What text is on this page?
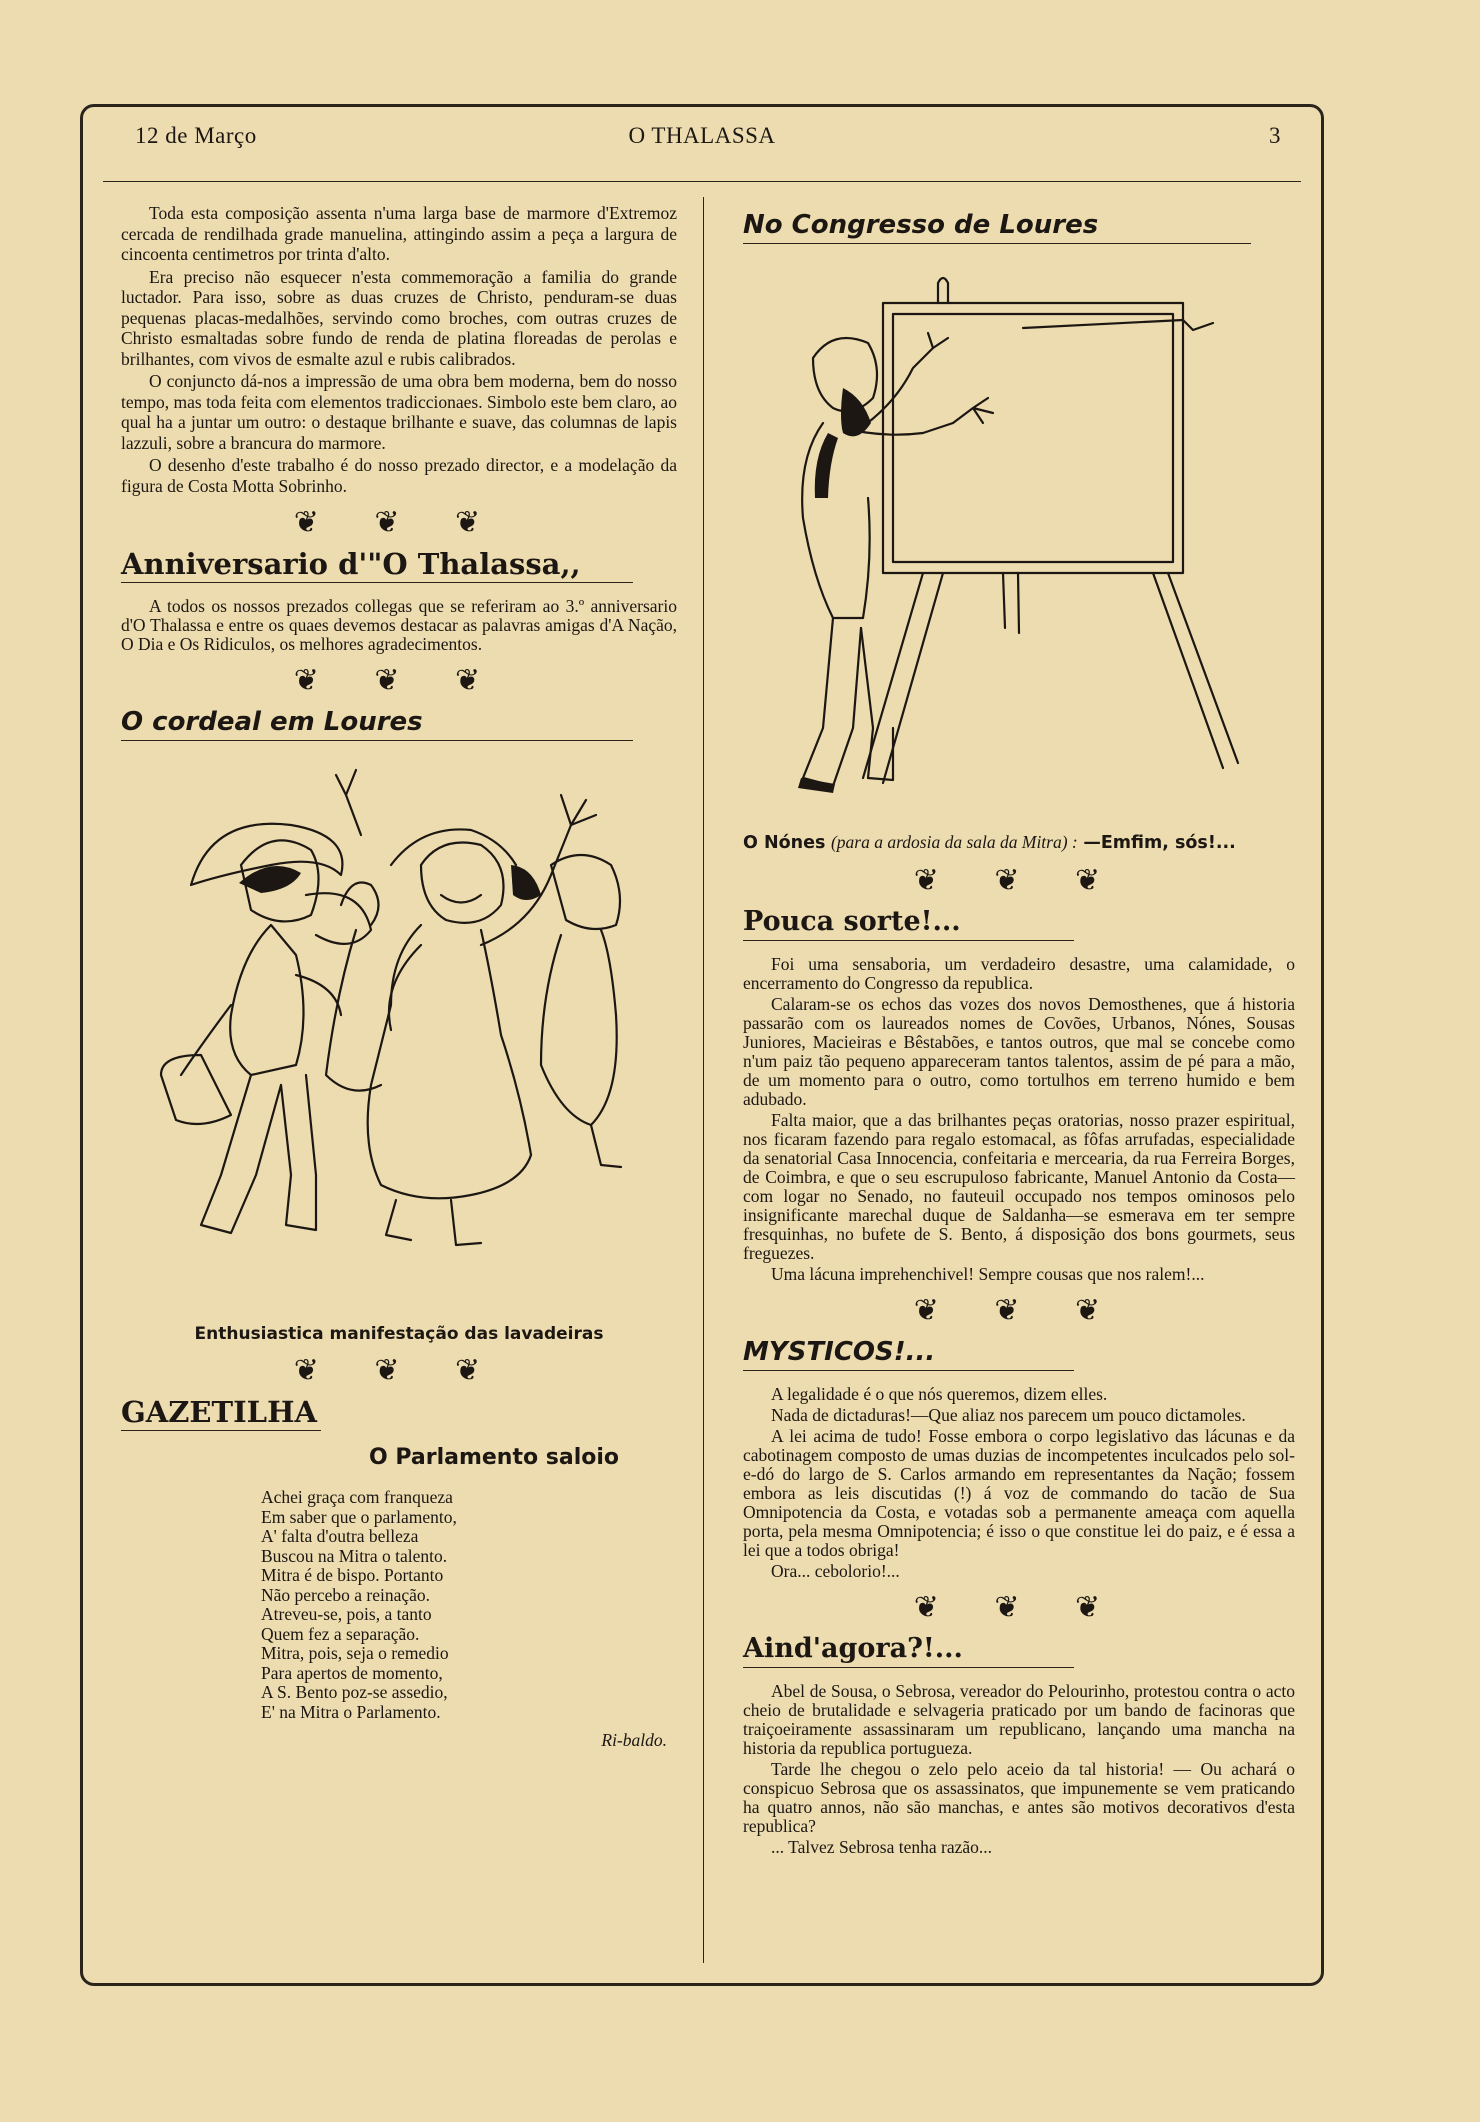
12 de Março	O THALASSA	3

Toda esta composição assenta n'uma larga base de marmore d'Extremoz cercada de rendilhada grade manuelina, attingindo assim a peça a largura de cincoenta centimetros por trinta d'alto.

Era preciso não esquecer n'esta commemoração a familia do grande luctador. Para isso, sobre as duas cruzes de Christo, penduram-se duas pequenas placas-medalhões, servindo como broches, com outras cruzes de Christo esmaltadas sobre fundo de renda de platina floreadas de perolas e brilhantes, com vivos de esmalte azul e rubis calibrados.

O conjuncto dá-nos a impressão de uma obra bem moderna, bem do nosso tempo, mas toda feita com elementos tradiccionaes. Simbolo este bem claro, ao qual ha a juntar um outro: o destaque brilhante e suave, das columnas de lapis lazzuli, sobre a brancura do marmore.

O desenho d'este trabalho é do nosso prezado director, e a modelação da figura de Costa Motta Sobrinho.

❦ ❦ ❦
Anniversario d'"O Thalassa,,

A todos os nossos prezados collegas que se referiram ao 3.º anniversario d'O Thalassa e entre os quaes devemos destacar as palavras amigas d'A Nação, O Dia e Os Ridiculos, os melhores agradecimentos.

❦ ❦ ❦
O cordeal em Loures
Enthusiastica manifestação das lavadeiras
❦ ❦ ❦
GAZETILHA
O Parlamento saloio
Achei graça com franqueza
Em saber que o parlamento,
A' falta d'outra belleza
Buscou na Mitra o talento.
Mitra é de bispo. Portanto
Não percebo a reinação.
Atreveu-se, pois, a tanto
Quem fez a separação.
Mitra, pois, seja o remedio
Para apertos de momento,
A S. Bento poz-se assedio,
E' na Mitra o Parlamento.
Ri-baldo.
No Congresso de Loures
O Nónes (para a ardosia da sala da Mitra) : —Emfim, sós!...
❦ ❦ ❦
Pouca sorte!...

Foi uma sensaboria, um verdadeiro desastre, uma calamidade, o encerramento do Congresso da republica.

Calaram-se os echos das vozes dos novos Demosthenes, que á historia passarão com os laureados nomes de Covões, Urbanos, Nónes, Sousas Juniores, Macieiras e Bêstabões, e tantos outros, que mal se concebe como n'um paiz tão pequeno appareceram tantos talentos, assim de pé para a mão, de um momento para o outro, como tortulhos em terreno humido e bem adubado.

Falta maior, que a das brilhantes peças oratorias, nosso prazer espiritual, nos ficaram fazendo para regalo estomacal, as fôfas arrufadas, especialidade da senatorial Casa Innocencia, confeitaria e mercearia, da rua Ferreira Borges, de Coimbra, e que o seu escrupuloso fabricante, Manuel Antonio da Costa—com logar no Senado, no fauteuil occupado nos tempos ominosos pelo insignificante marechal duque de Saldanha—se esmerava em ter sempre fresquinhas, no bufete de S. Bento, á disposição dos bons gourmets, seus freguezes.

Uma lácuna imprehenchivel! Sempre cousas que nos ralem!...

❦ ❦ ❦
MYSTICOS!...

A legalidade é o que nós queremos, dizem elles.

Nada de dictaduras!—Que aliaz nos parecem um pouco dictamoles.

A lei acima de tudo! Fosse embora o corpo legislativo das lácunas e da cabotinagem composto de umas duzias de incompetentes inculcados pelo sol-e-dó do largo de S. Carlos armando em representantes da Nação; fossem embora as leis discutidas (!) á voz de commando do tacão de Sua Omnipotencia da Costa, e votadas sob a permanente ameaça com aquella porta, pela mesma Omnipotencia; é isso o que constitue lei do paiz, e é essa a lei que a todos obriga!

Ora... cebolorio!...

❦ ❦ ❦
Aind'agora?!...

Abel de Sousa, o Sebrosa, vereador do Pelourinho, protestou contra o acto cheio de brutalidade e selvageria praticado por um bando de facinoras que traiçoeiramente assassinaram um republicano, lançando uma mancha na historia da republica portugueza.

Tarde lhe chegou o zelo pelo aceio da tal historia! — Ou achará o conspicuo Sebrosa que os assassinatos, que impunemente se vem praticando ha quatro annos, não são manchas, e antes são motivos decorativos d'esta republica?

... Talvez Sebrosa tenha razão...
